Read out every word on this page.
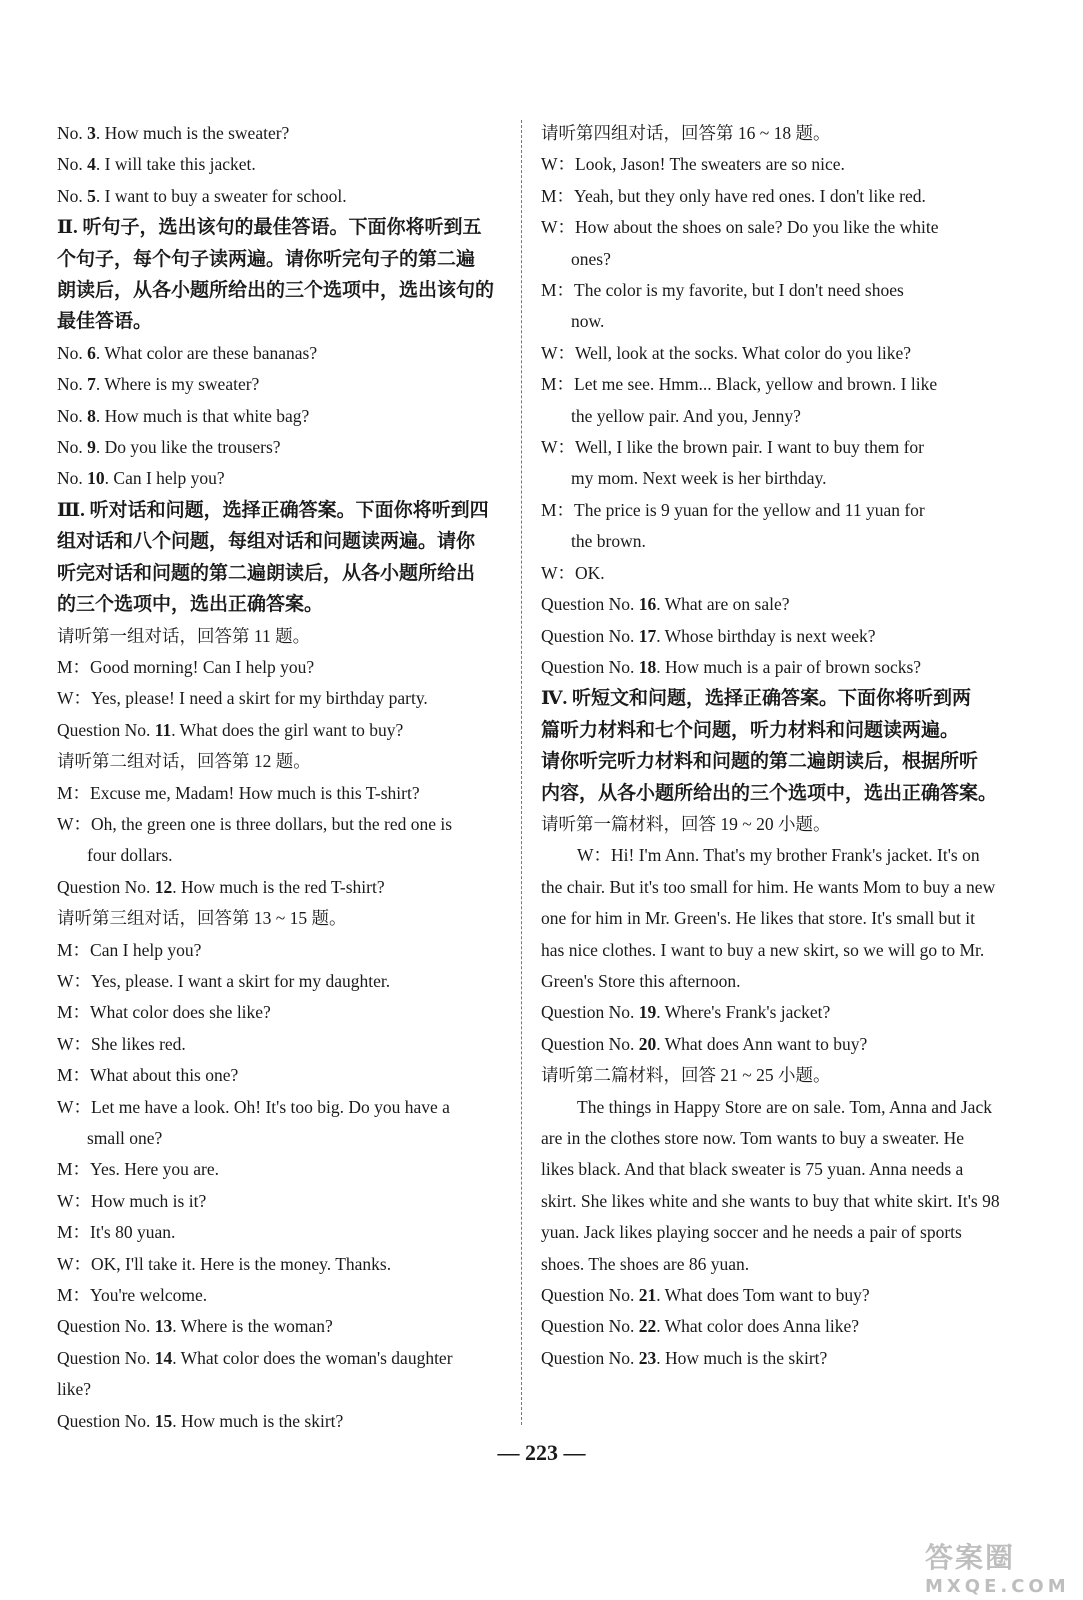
No. 3. How much is the sweater?
No. 4. I will take this jacket.
No. 5. I want to buy a sweater for school.
Ⅱ. 听句子，选出该句的最佳答语。下面你将听到五
个句子，每个句子读两遍。请你听完句子的第二遍
朗读后，从各小题所给出的三个选项中，选出该句的
最佳答语。
No. 6. What color are these bananas?
No. 7. Where is my sweater?
No. 8. How much is that white bag?
No. 9. Do you like the trousers?
No. 10. Can I help you?
Ⅲ. 听对话和问题，选择正确答案。下面你将听到四
组对话和八个问题，每组对话和问题读两遍。请你
听完对话和问题的第二遍朗读后，从各小题所给出
的三个选项中，选出正确答案。
请听第一组对话，回答第 11 题。
M：Good morning! Can I help you?
W：Yes, please! I need a skirt for my birthday party.
Question No. 11. What does the girl want to buy?
请听第二组对话，回答第 12 题。
M：Excuse me, Madam! How much is this T-shirt?
W：Oh, the green one is three dollars, but the red one is
four dollars.
Question No. 12. How much is the red T-shirt?
请听第三组对话，回答第 13 ~ 15 题。
M：Can I help you?
W：Yes, please. I want a skirt for my daughter.
M：What color does she like?
W：She likes red.
M：What about this one?
W：Let me have a look. Oh! It's too big. Do you have a
small one?
M：Yes. Here you are.
W：How much is it?
M：It's 80 yuan.
W：OK, I'll take it. Here is the money. Thanks.
M：You're welcome.
Question No. 13. Where is the woman?
Question No. 14. What color does the woman's daughter
like?
Question No. 15. How much is the skirt?
请听第四组对话，回答第 16 ~ 18 题。
W：Look, Jason! The sweaters are so nice.
M：Yeah, but they only have red ones. I don't like red.
W：How about the shoes on sale? Do you like the white
ones?
M：The color is my favorite, but I don't need shoes
now.
W：Well, look at the socks. What color do you like?
M：Let me see. Hmm... Black, yellow and brown. I like
the yellow pair. And you, Jenny?
W：Well, I like the brown pair. I want to buy them for
my mom. Next week is her birthday.
M：The price is 9 yuan for the yellow and 11 yuan for
the brown.
W：OK.
Question No. 16. What are on sale?
Question No. 17. Whose birthday is next week?
Question No. 18. How much is a pair of brown socks?
Ⅳ. 听短文和问题，选择正确答案。下面你将听到两
篇听力材料和七个问题，听力材料和问题读两遍。
请你听完听力材料和问题的第二遍朗读后，根据所听
内容，从各小题所给出的三个选项中，选出正确答案。
请听第一篇材料，回答 19 ~ 20 小题。
W：Hi! I'm Ann. That's my brother Frank's jacket. It's on the chair. But it's too small for him. He wants Mom to buy a new one for him in Mr. Green's. He likes that store. It's small but it has nice clothes. I want to buy a new skirt, so we will go to Mr. Green's Store this afternoon.
Question No. 19. Where's Frank's jacket?
Question No. 20. What does Ann want to buy?
请听第二篇材料，回答 21 ~ 25 小题。
The things in Happy Store are on sale. Tom, Anna and Jack are in the clothes store now. Tom wants to buy a sweater. He likes black. And that black sweater is 75 yuan. Anna needs a skirt. She likes white and she wants to buy that white skirt. It's 98 yuan. Jack likes playing soccer and he needs a pair of sports shoes. The shoes are 86 yuan.
Question No. 21. What does Tom want to buy?
Question No. 22. What color does Anna like?
Question No. 23. How much is the skirt?
— 223 —
答案圈
MXQE.COM
